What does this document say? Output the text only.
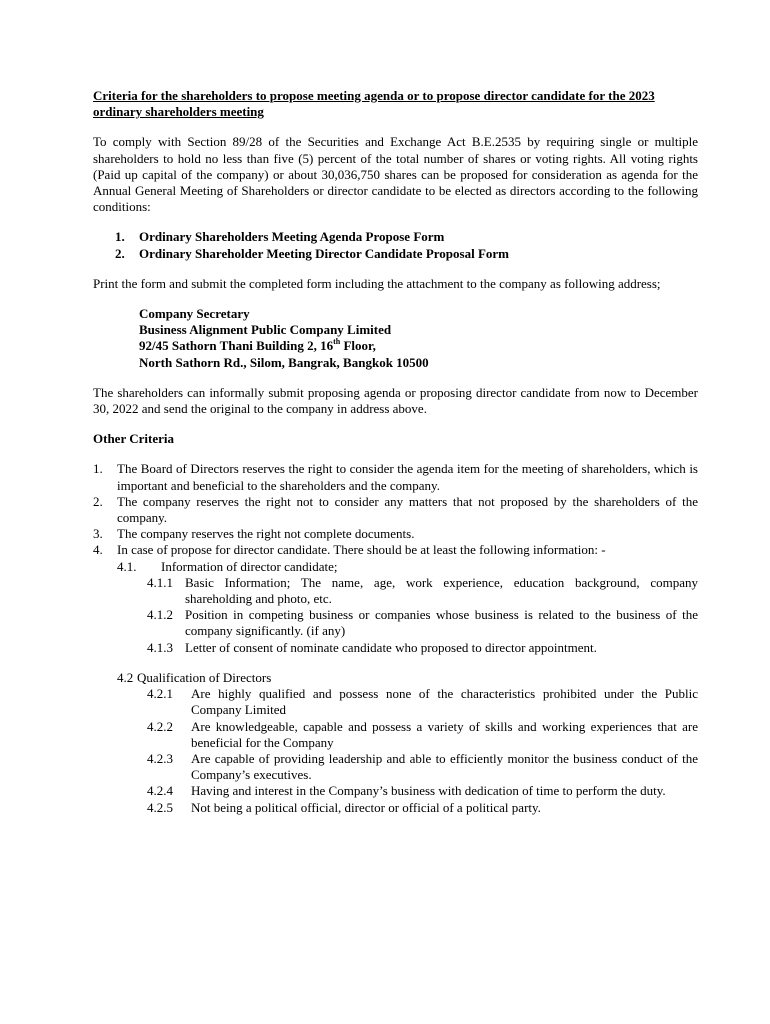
Criteria for the shareholders to propose meeting agenda or to propose director candidate for the 2023 ordinary shareholders meeting

To comply with Section 89/28 of the Securities and Exchange Act B.E.2535 by requiring single or multiple shareholders to hold no less than five (5) percent of the total number of shares or voting rights. All voting rights (Paid up capital of the company) or about 30,036,750 shares can be proposed for consideration as agenda for the Annual General Meeting of Shareholders or director candidate to be elected as directors according to the following conditions:

1. Ordinary Shareholders Meeting Agenda Propose Form
2. Ordinary Shareholder Meeting Director Candidate Proposal Form

Print the form and submit the completed form including the attachment to the company as following address;

Company Secretary
Business Alignment Public Company Limited
92/45 Sathorn Thani Building 2, 16th Floor,
North Sathorn Rd., Silom, Bangrak, Bangkok 10500

The shareholders can informally submit proposing agenda or proposing director candidate from now to December 30, 2022 and send the original to the company in address above.

Other Criteria

1. The Board of Directors reserves the right to consider the agenda item for the meeting of shareholders, which is important and beneficial to the shareholders and the company.
2. The company reserves the right not to consider any matters that not proposed by the shareholders of the company.
3. The company reserves the right not complete documents.
4. In case of propose for director candidate. There should be at least the following information: -
4.1. Information of director candidate;
4.1.1 Basic Information; The name, age, work experience, education background, company shareholding and photo, etc.
4.1.2 Position in competing business or companies whose business is related to the business of the company significantly. (if any)
4.1.3 Letter of consent of nominate candidate who proposed to director appointment.
4.2 Qualification of Directors
4.2.1 Are highly qualified and possess none of the characteristics prohibited under the Public Company Limited
4.2.2 Are knowledgeable, capable and possess a variety of skills and working experiences that are beneficial for the Company
4.2.3 Are capable of providing leadership and able to efficiently monitor the business conduct of the Company’s executives.
4.2.4 Having and interest in the Company’s business with dedication of time to perform the duty.
4.2.5 Not being a political official, director or official of a political party.
